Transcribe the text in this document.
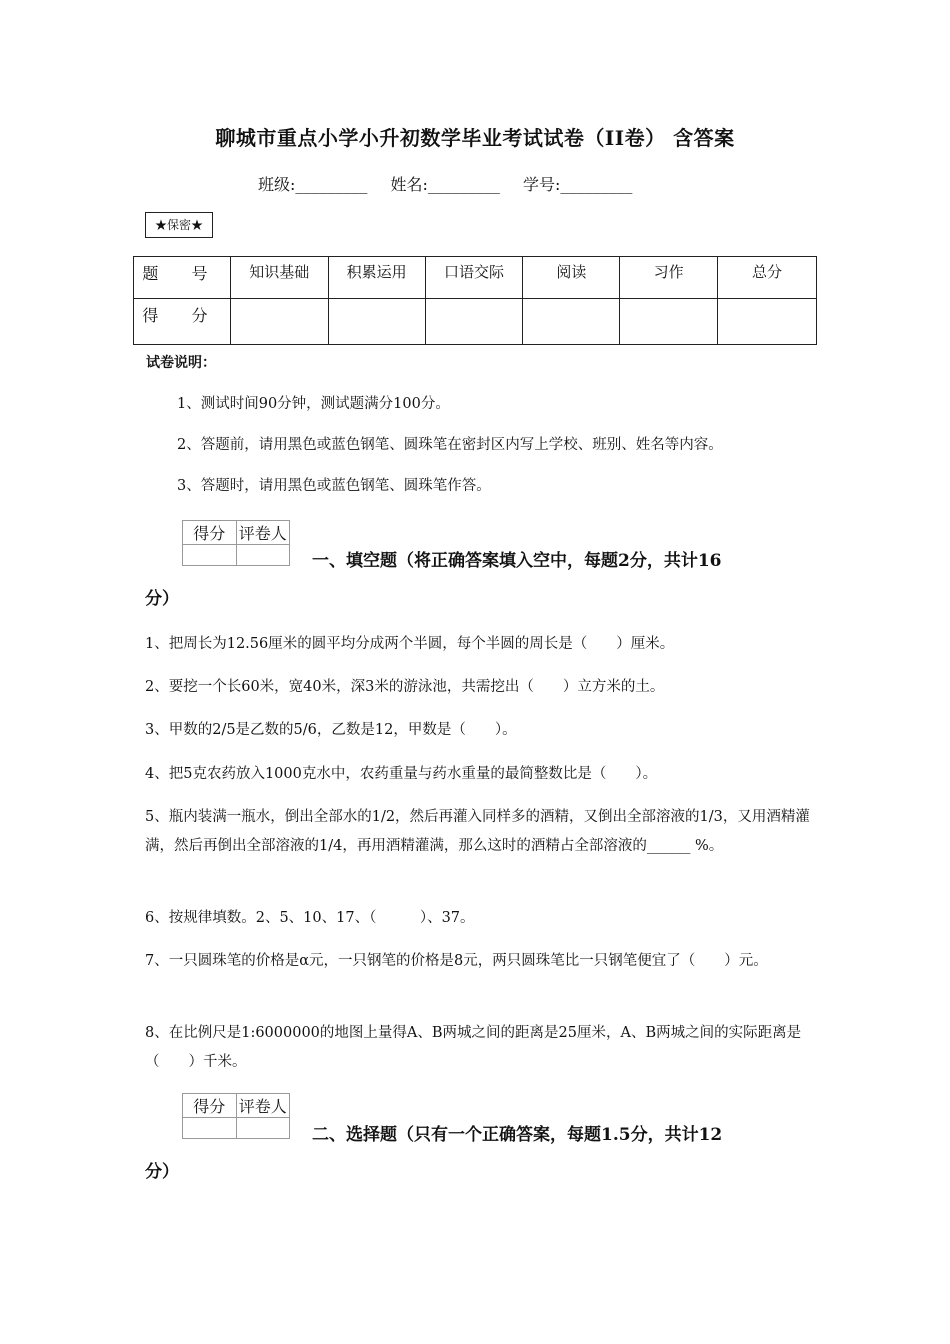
聊城市重点小学小升初数学毕业考试试卷（II卷） 含答案
班级:_________ 姓名:_________ 学号:_________
★保密★
题 号	知识基础	积累运用	口语交际	阅读	习作	总分
得 分						
试卷说明：
1、测试时间90分钟，测试题满分100分。
2、答题前，请用黑色或蓝色钢笔、圆珠笔在密封区内写上学校、班别、姓名等内容。
3、答题时，请用黑色或蓝色钢笔、圆珠笔作答。
得分	评卷人

一、填空题（将正确答案填入空中，每题2分，共计16
分）
1、把周长为12.56厘米的圆平均分成两个半圆，每个半圆的周长是（　　）厘米。
2、要挖一个长60米，宽40米，深3米的游泳池，共需挖出（　　）立方米的土。
3、甲数的2/5是乙数的5/6，乙数是12，甲数是（　　）。
4、把5克农药放入1000克水中，农药重量与药水重量的最简整数比是（　　）。
5、瓶内装满一瓶水，倒出全部水的1/2，然后再灌入同样多的酒精，又倒出全部溶液的1/3，又用酒精灌满，然后再倒出全部溶液的1/4，再用酒精灌满，那么这时的酒精占全部溶液的______ %。
6、按规律填数。2、5、10、17、（　　　）、37。
7、一只圆珠笔的价格是α元，一只钢笔的价格是8元，两只圆珠笔比一只钢笔便宜了（　　）元。
8、在比例尺是1:6000000的地图上量得A、B两城之间的距离是25厘米，A、B两城之间的实际距离是（　　）千米。
得分	评卷人

二、选择题（只有一个正确答案，每题1.5分，共计12
分）
